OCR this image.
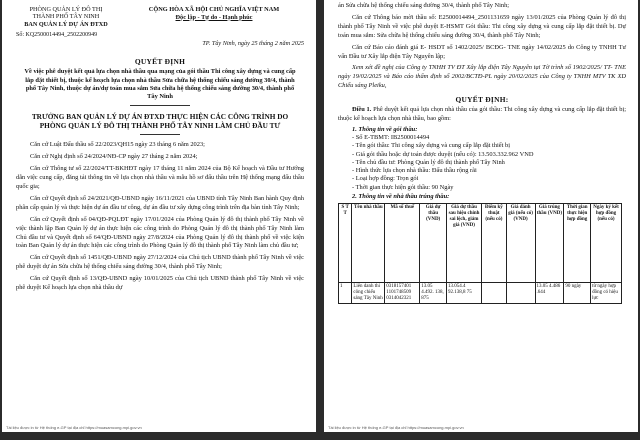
PHÒNG QUẢN LÝ ĐÔ THỊ
THÀNH PHỐ TÂY NINH
BAN QUẢN LÝ DỰ ÁN ĐTXD
CỘNG HÒA XÃ HỘI CHỦ NGHĨA VIỆT NAM
Độc lập - Tự do - Hạnh phúc
Số: KQ2500014494_2502200949
TP. Tây Ninh, ngày 25 tháng 2 năm 2025
QUYẾT ĐỊNH
Về việc phê duyệt kết quả lựa chọn nhà thầu qua mạng của gói thầu Thi công xây dựng và cung cấp lắp đặt thiết bị, thuộc kế hoạch lựa chọn nhà thầu Sửa chữa hệ thống chiếu sáng đường 30/4, thành phố Tây Ninh, thuộc dự án/dự toán mua sắm Sửa chữa hệ thống chiếu sáng đường 30/4, thành phố Tây Ninh
TRƯỞNG BAN QUẢN LÝ DỰ ÁN ĐTXD THỰC HIỆN CÁC CÔNG TRÌNH DO PHÒNG QUẢN LÝ ĐÔ THỊ THÀNH PHỐ TÂY NINH LÀM CHỦ ĐẦU TƯ

Căn cứ Luật Đấu thầu số 22/2023/QH15 ngày 23 tháng 6 năm 2023;

Căn cứ Nghị định số 24/2024/NĐ-CP ngày 27 tháng 2 năm 2024;

Căn cứ Thông tư số 22/2024/TT-BKHĐT ngày 17 tháng 11 năm 2024 của Bộ Kế hoạch và Đầu tư Hướng dẫn việc cung cấp, đăng tải thông tin về lựa chọn nhà thầu và mẫu hồ sơ đấu thầu trên Hệ thống mạng đấu thầu quốc gia;

Căn cứ Quyết định số 24/2021/QĐ-UBND ngày 16/11/2021 của UBND tỉnh Tây Ninh Ban hành Quy định phân cấp quản lý và thực hiện dự án đầu tư công, dự án đầu tư xây dựng công trình trên địa bàn tỉnh Tây Ninh;

Căn cứ Quyết định số 04/QĐ-PQLĐT ngày 17/01/2024 của Phòng Quản lý đô thị thành phố Tây Ninh về việc thành lập Ban Quản lý dự án thực hiện các công trình do Phòng Quản lý đô thị thành phố Tây Ninh làm Chủ đầu tư và Quyết định số 64/QĐ-UBND ngày 27/8/2024 của Phòng Quản lý đô thị thành phố về việc kiện toàn Ban Quản lý dự án thực hiện các công trình do Phòng Quản lý đô thị thành phố Tây Ninh làm chủ đầu tư;

Căn cứ Quyết định số 1451/QĐ-UBND ngày 27/12/2024 của Chủ tịch UBND thành phố Tây Ninh về việc phê duyệt dự án Sửa chữa hệ thống chiếu sáng đường 30/4, thành phố Tây Ninh;

Căn cứ Quyết định số 13/QĐ-UBND ngày 10/01/2025 của Chủ tịch UBND thành phố Tây Ninh về việc phê duyệt Kế hoạch lựa chọn nhà thầu dự

Tài liệu được in từ Hệ thống e-GP tại địa chỉ https://muasamcong.mpi.gov.vn

án Sửa chữa hệ thống chiếu sáng đường 30/4, thành phố Tây Ninh;

Căn cứ Thông báo mời thầu số: E2500014494_2501131659 ngày 13/01/2025 của Phòng Quản lý đô thị thành phố Tây Ninh về việc phê duyệt E-HSMT Gói thầu: Thi công xây dựng và cung cấp lắp đặt thiết bị. Dự toán mua sắm: Sửa chữa hệ thống chiếu sáng đường 30/4, thành phố Tây Ninh;

Căn cứ Báo cáo đánh giá E- HSDT số 1402/2025/ BCĐG- TNE ngày 14/02/2025 do Công ty TNHH Tư vấn Đầu tư Xây lắp điện Tây Nguyên lập;

Xem xét đề nghị của Công ty TNHH TV ĐT Xây lắp điện Tây Nguyên tại Tờ trình số 1902/2025/ TT- TNE ngày 19/02/2025 và Báo cáo thẩm định số 2002/BCTĐ-PL ngày 20/02/2025 của Công ty TNHH MTV TK XD Chiếu sáng Pleiku,

QUYẾT ĐỊNH:

Điều 1. Phê duyệt kết quả lựa chọn nhà thầu của gói thầu: Thi công xây dựng và cung cấp lắp đặt thiết bị; thuộc kế hoạch lựa chọn nhà thầu, bao gồm:

1. Thông tin về gói thầu:
- Số E-TBMT: IB2500014494
- Tên gói thầu: Thi công xây dựng và cung cấp lắp đặt thiết bị
- Giá gói thầu hoặc dự toán được duyệt (nếu có): 13.503.332.962 VND
- Tên chủ đầu tư: Phòng Quản lý đô thị thành phố Tây Ninh
- Hình thức lựa chọn nhà thầu: Đấu thầu rộng rãi
- Loại hợp đồng: Trọn gói
- Thời gian thực hiện gói thầu: 90 Ngày
2. Thông tin về nhà thầu trúng thầu:
S T T	Tên nhà thầu	Mã số thuế	Giá dự thầu (VND)	Giá dự thầu sau hiệu chỉnh sai lệch, giảm giá (VND)	Điểm kỹ thuật (nếu có)	Giá đánh giá (nếu có) (VND)	Giá trúng thầu (VND)	Thời gian thực hiện hợp đồng	Ngày ký kết hợp đồng (nếu có)
1	Liên danh thi công chiếu sáng Tây Ninh	0318157401 1101748509 0314042321	13.05 4.492. 138, 875	13.054.4 92.138,8 75			13.05 4.486 .644	90 ngày	từ ngày hợp đồng có hiệu lực
Tài liệu được in từ Hệ thống e-GP tại địa chỉ https://muasamcong.mpi.gov.vn
